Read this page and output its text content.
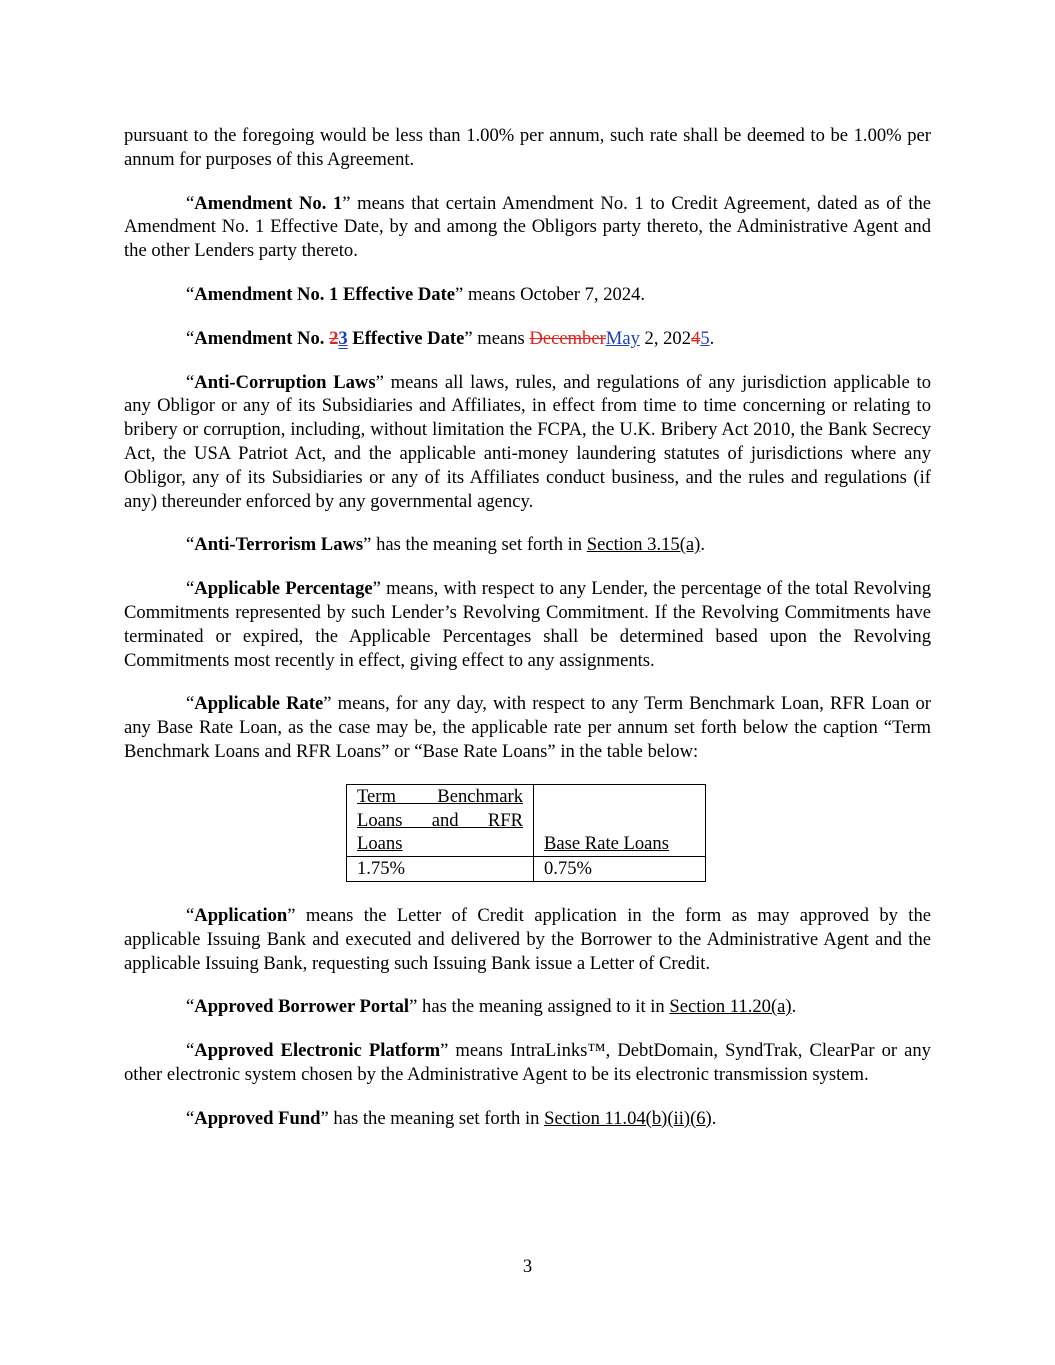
pursuant to the foregoing would be less than 1.00% per annum, such rate shall be deemed to be 1.00% per annum for purposes of this Agreement.

“Amendment No. 1” means that certain Amendment No. 1 to Credit Agreement, dated as of the Amendment No. 1 Effective Date, by and among the Obligors party thereto, the Administrative Agent and the other Lenders party thereto.

“Amendment No. 1 Effective Date” means October 7, 2024.

“Amendment No. 23 Effective Date” means DecemberMay 2, 20245.

“Anti-Corruption Laws” means all laws, rules, and regulations of any jurisdiction applicable to any Obligor or any of its Subsidiaries and Affiliates, in effect from time to time concerning or relating to bribery or corruption, including, without limitation the FCPA, the U.K. Bribery Act 2010, the Bank Secrecy Act, the USA Patriot Act, and the applicable anti-money laundering statutes of jurisdictions where any Obligor, any of its Subsidiaries or any of its Affiliates conduct business, and the rules and regulations (if any) thereunder enforced by any governmental agency.

“Anti-Terrorism Laws” has the meaning set forth in Section 3.15(a).

“Applicable Percentage” means, with respect to any Lender, the percentage of the total Revolving Commitments represented by such Lender’s Revolving Commitment. If the Revolving Commitments have terminated or expired, the Applicable Percentages shall be determined based upon the Revolving Commitments most recently in effect, giving effect to any assignments.

“Applicable Rate” means, for any day, with respect to any Term Benchmark Loan, RFR Loan or any Base Rate Loan, as the case may be, the applicable rate per annum set forth below the caption “Term Benchmark Loans and RFR Loans” or “Base Rate Loans” in the table below:

Term Benchmark
Loans and RFR
Loans	Base Rate Loans
1.75%	0.75%

“Application” means the Letter of Credit application in the form as may approved by the applicable Issuing Bank and executed and delivered by the Borrower to the Administrative Agent and the applicable Issuing Bank, requesting such Issuing Bank issue a Letter of Credit.

“Approved Borrower Portal” has the meaning assigned to it in Section 11.20(a).

“Approved Electronic Platform” means IntraLinks™, DebtDomain, SyndTrak, ClearPar or any other electronic system chosen by the Administrative Agent to be its electronic transmission system.

“Approved Fund” has the meaning set forth in Section 11.04(b)(ii)(6).

3
